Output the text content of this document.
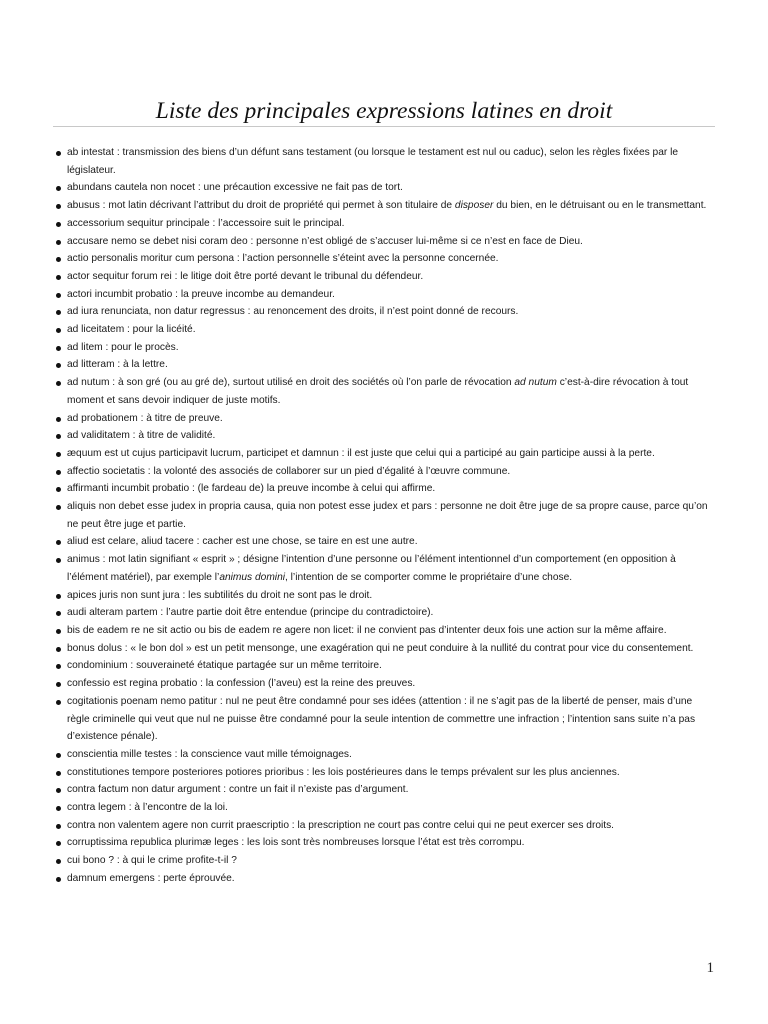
Liste des principales expressions latines en droit
ab intestat : transmission des biens d’un défunt sans testament (ou lorsque le testament est nul ou caduc), selon les règles fixées par le législateur.
abundans cautela non nocet : une précaution excessive ne fait pas de tort.
abusus : mot latin décrivant l’attribut du droit de propriété qui permet à son titulaire de disposer du bien, en le détruisant ou en le transmettant.
accessorium sequitur principale : l’accessoire suit le principal.
accusare nemo se debet nisi coram deo : personne n’est obligé de s’accuser lui-même si ce n’est en face de Dieu.
actio personalis moritur cum persona : l’action personnelle s’éteint avec la personne concernée.
actor sequitur forum rei : le litige doit être porté devant le tribunal du défendeur.
actori incumbit probatio : la preuve incombe au demandeur.
ad iura renunciata, non datur regressus : au renoncement des droits, il n’est point donné de recours.
ad liceitatem : pour la licéité.
ad litem : pour le procès.
ad litteram : à la lettre.
ad nutum : à son gré (ou au gré de), surtout utilisé en droit des sociétés où l’on parle de révocation ad nutum c’est-à-dire révocation à tout moment et sans devoir indiquer de juste motifs.
ad probationem : à titre de preuve.
ad validitatem : à titre de validité.
æquum est ut cujus participavit lucrum, participet et damnun : il est juste que celui qui a participé au gain participe aussi à la perte.
affectio societatis : la volonté des associés de collaborer sur un pied d’égalité à l’œuvre commune.
affirmanti incumbit probatio : (le fardeau de) la preuve incombe à celui qui affirme.
aliquis non debet esse judex in propria causa, quia non potest esse judex et pars : personne ne doit être juge de sa propre cause, parce qu’on ne peut être juge et partie.
aliud est celare, aliud tacere : cacher est une chose, se taire en est une autre.
animus : mot latin signifiant « esprit » ; désigne l’intention d’une personne ou l’élément intentionnel d’un comportement (en opposition à l’élément matériel), par exemple l’animus domini, l’intention de se comporter comme le propriétaire d’une chose.
apices juris non sunt jura : les subtilités du droit ne sont pas le droit.
audi alteram partem : l’autre partie doit être entendue (principe du contradictoire).
bis de eadem re ne sit actio ou bis de eadem re agere non licet: il ne convient pas d’intenter deux fois une action sur la même affaire.
bonus dolus : « le bon dol » est un petit mensonge, une exagération qui ne peut conduire à la nullité du contrat pour vice du consentement.
condominium : souveraineté étatique partagée sur un même territoire.
confessio est regina probatio : la confession (l’aveu) est la reine des preuves.
cogitationis poenam nemo patitur : nul ne peut être condamné pour ses idées (attention : il ne s’agit pas de la liberté de penser, mais d’une règle criminelle qui veut que nul ne puisse être condamné pour la seule intention de commettre une infraction ; l’intention sans suite n’a pas d’existence pénale).
conscientia mille testes : la conscience vaut mille témoignages.
constitutiones tempore posteriores potiores prioribus : les lois postérieures dans le temps prévalent sur les plus anciennes.
contra factum non datur argument : contre un fait il n’existe pas d’argument.
contra legem : à l’encontre de la loi.
contra non valentem agere non currit praescriptio : la prescription ne court pas contre celui qui ne peut exercer ses droits.
corruptissima republica plurimæ leges : les lois sont très nombreuses lorsque l’état est très corrompu.
cui bono ? : à qui le crime profite-t-il ?
damnum emergens : perte éprouvée.
1
